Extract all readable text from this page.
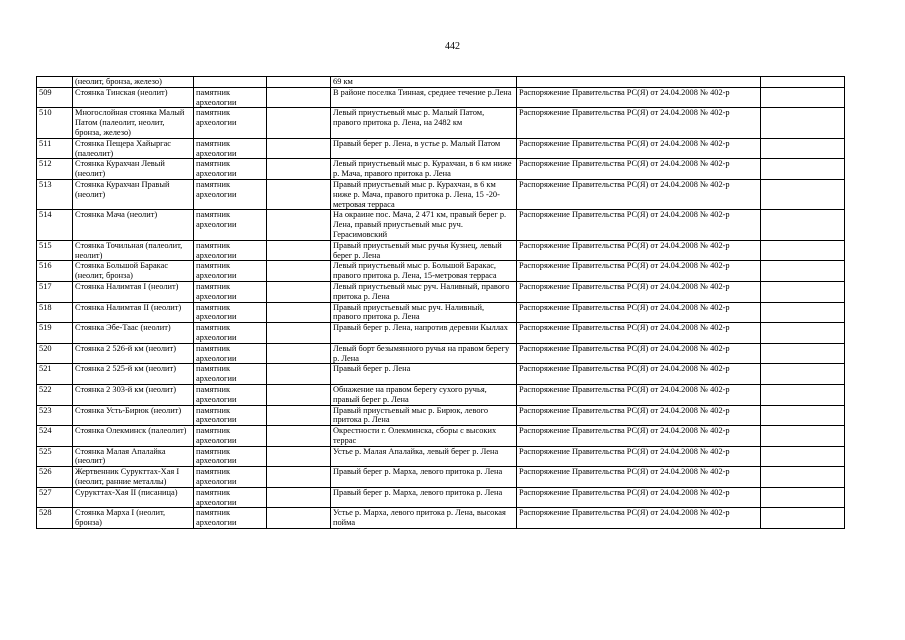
442
	(неолит, бронза, железо)			69 км		
509	Стоянка Тинская (неолит)	памятник археологии		В районе поселка Тинная, среднее течение р.Лена	Распоряжение Правительства РС(Я) от 24.04.2008 № 402-р	
510	Многослойная стоянка Малый Патом (палеолит, неолит, бронза, железо)	памятник археологии		Левый приустьевый мыс р. Малый Патом, правого притока р. Лена, на 2482 км	Распоряжение Правительства РС(Я) от 24.04.2008 № 402-р	
511	Стоянка Пещера Хайыргас (палеолит)	памятник археологии		Правый берег р. Лена, в устье р. Малый Патом	Распоряжение Правительства РС(Я) от 24.04.2008 № 402-р	
512	Стоянка Курахчан Левый (неолит)	памятник археологии		Левый приустьевый мыс р. Курахчан, в 6 км ниже р. Мача, правого притока р. Лена	Распоряжение Правительства РС(Я) от 24.04.2008 № 402-р	
513	Стоянка Курахчан Правый (неолит)	памятник археологии		Правый приустьевый мыс р. Курахчан, в 6 км ниже р. Мача, правого притока р. Лена, 15 -20-метровая терраса	Распоряжение Правительства РС(Я) от 24.04.2008 № 402-р	
514	Стоянка Мача (неолит)	памятник археологии		На окраине пос. Мача, 2 471 км, правый берег р. Лена, правый приустьевый мыс руч. Герасимовский	Распоряжение Правительства РС(Я) от 24.04.2008 № 402-р	
515	Стоянка Точильная (палеолит, неолит)	памятник археологии		Правый приустьевый мыс ручья Кузнец, левый берег р. Лена	Распоряжение Правительства РС(Я) от 24.04.2008 № 402-р	
516	Стоянка Большой Баракас (неолит, бронза)	памятник археологии		Левый приустьевый мыс р. Большой Баракас, правого притока р. Лена, 15-метровая терраса	Распоряжение Правительства РС(Я) от 24.04.2008 № 402-р	
517	Стоянка Налимтая I (неолит)	памятник археологии		Левый приустьевый мыс руч. Наливный, правого притока р. Лена	Распоряжение Правительства РС(Я) от 24.04.2008 № 402-р	
518	Стоянка Налимтая II (неолит)	памятник археологии		Правый приустьевый мыс руч. Наливный, правого притока р. Лена	Распоряжение Правительства РС(Я) от 24.04.2008 № 402-р	
519	Стоянка Эбе-Таас (неолит)	памятник археологии		Правый берег р. Лена, напротив деревни Кыллах	Распоряжение Правительства РС(Я) от 24.04.2008 № 402-р	
520	Стоянка 2 526-й км (неолит)	памятник археологии		Левый борт безымянного ручья на правом берегу р. Лена	Распоряжение Правительства РС(Я) от 24.04.2008 № 402-р	
521	Стоянка 2 525-й км (неолит)	памятник археологии		Правый берег р. Лена	Распоряжение Правительства РС(Я) от 24.04.2008 № 402-р	
522	Стоянка 2 303-й км (неолит)	памятник археологии		Обнажение на правом берегу сухого ручья, правый берег р. Лена	Распоряжение Правительства РС(Я) от 24.04.2008 № 402-р	
523	Стоянка Усть-Бирюк (неолит)	памятник археологии		Правый приустьевый мыс р. Бирюк, левого притока р. Лена	Распоряжение Правительства РС(Я) от 24.04.2008 № 402-р	
524	Стоянка Олекминск (палеолит)	памятник археологии		Окрестности г. Олекминска, сборы с высоких террас	Распоряжение Правительства РС(Я) от 24.04.2008 № 402-р	
525	Стоянка Малая Апалайка (неолит)	памятник археологии		Устье р. Малая Апалайка, левый берег р. Лена	Распоряжение Правительства РС(Я) от 24.04.2008 № 402-р	
526	Жертвенник Сурукттах-Хая I (неолит, ранние металлы)	памятник археологии		Правый берег р. Марха, левого притока р. Лена	Распоряжение Правительства РС(Я) от 24.04.2008 № 402-р	
527	Сурукттах-Хая II (писаница)	памятник археологии		Правый берег р. Марха, левого притока р. Лена	Распоряжение Правительства РС(Я) от 24.04.2008 № 402-р	
528	Стоянка Марха I (неолит, бронза)	памятник археологии		Устье р. Марха, левого притока р. Лена, высокая пойма	Распоряжение Правительства РС(Я) от 24.04.2008 № 402-р	
